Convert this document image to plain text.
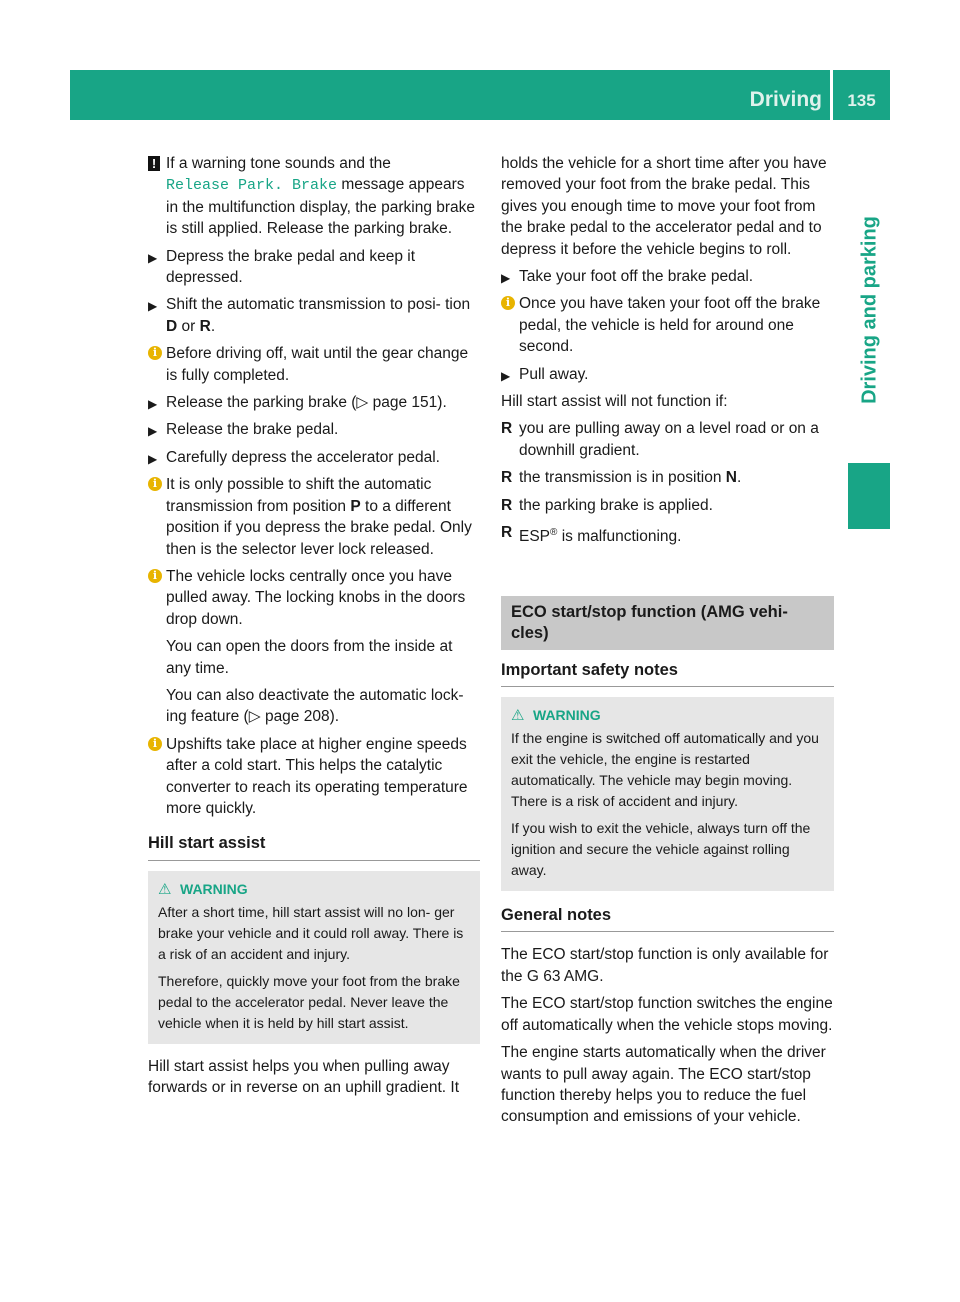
Driving	135
Driving and parking

! If a warning tone sounds and the
Release Park. Brake message appears in the multifunction display, the parking brake is still applied. Release the parking brake.

▶ Depress the brake pedal and keep it depressed.

▶ Shift the automatic transmission to posi- tion D or R.

i Before driving off, wait until the gear change is fully completed.

▶ Release the parking brake (▷ page 151).

▶ Release the brake pedal.

▶ Carefully depress the accelerator pedal.

i It is only possible to shift the automatic transmission from position P to a different position if you depress the brake pedal. Only then is the selector lever lock released.

i The vehicle locks centrally once you have pulled away. The locking knobs in the doors drop down.

You can open the doors from the inside at any time.

You can also deactivate the automatic lock- ing feature (▷ page 208).

i Upshifts take place at higher engine speeds after a cold start. This helps the catalytic converter to reach its operating temperature more quickly.

Hill start assist
⚠ WARNING

After a short time, hill start assist will no lon- ger brake your vehicle and it could roll away. There is a risk of an accident and injury.

Therefore, quickly move your foot from the brake pedal to the accelerator pedal. Never leave the vehicle when it is held by hill start assist.

Hill start assist helps you when pulling away forwards or in reverse on an uphill gradient. It

holds the vehicle for a short time after you have removed your foot from the brake pedal. This gives you enough time to move your foot from the brake pedal to the accelerator pedal and to depress it before the vehicle begins to roll.

▶ Take your foot off the brake pedal.

i Once you have taken your foot off the brake pedal, the vehicle is held for around one second.

▶ Pull away.

Hill start assist will not function if:

R you are pulling away on a level road or on a downhill gradient.

R the transmission is in position N.

R the parking brake is applied.

R ESP® is malfunctioning.

ECO start/stop function (AMG vehi- cles)
Important safety notes
⚠ WARNING

If the engine is switched off automatically and you exit the vehicle, the engine is restarted automatically. The vehicle may begin moving. There is a risk of accident and injury.

If you wish to exit the vehicle, always turn off the ignition and secure the vehicle against rolling away.

General notes

The ECO start/stop function is only available for the G 63 AMG.

The ECO start/stop function switches the engine off automatically when the vehicle stops moving.

The engine starts automatically when the driver wants to pull away again. The ECO start/stop function thereby helps you to reduce the fuel consumption and emissions of your vehicle.
